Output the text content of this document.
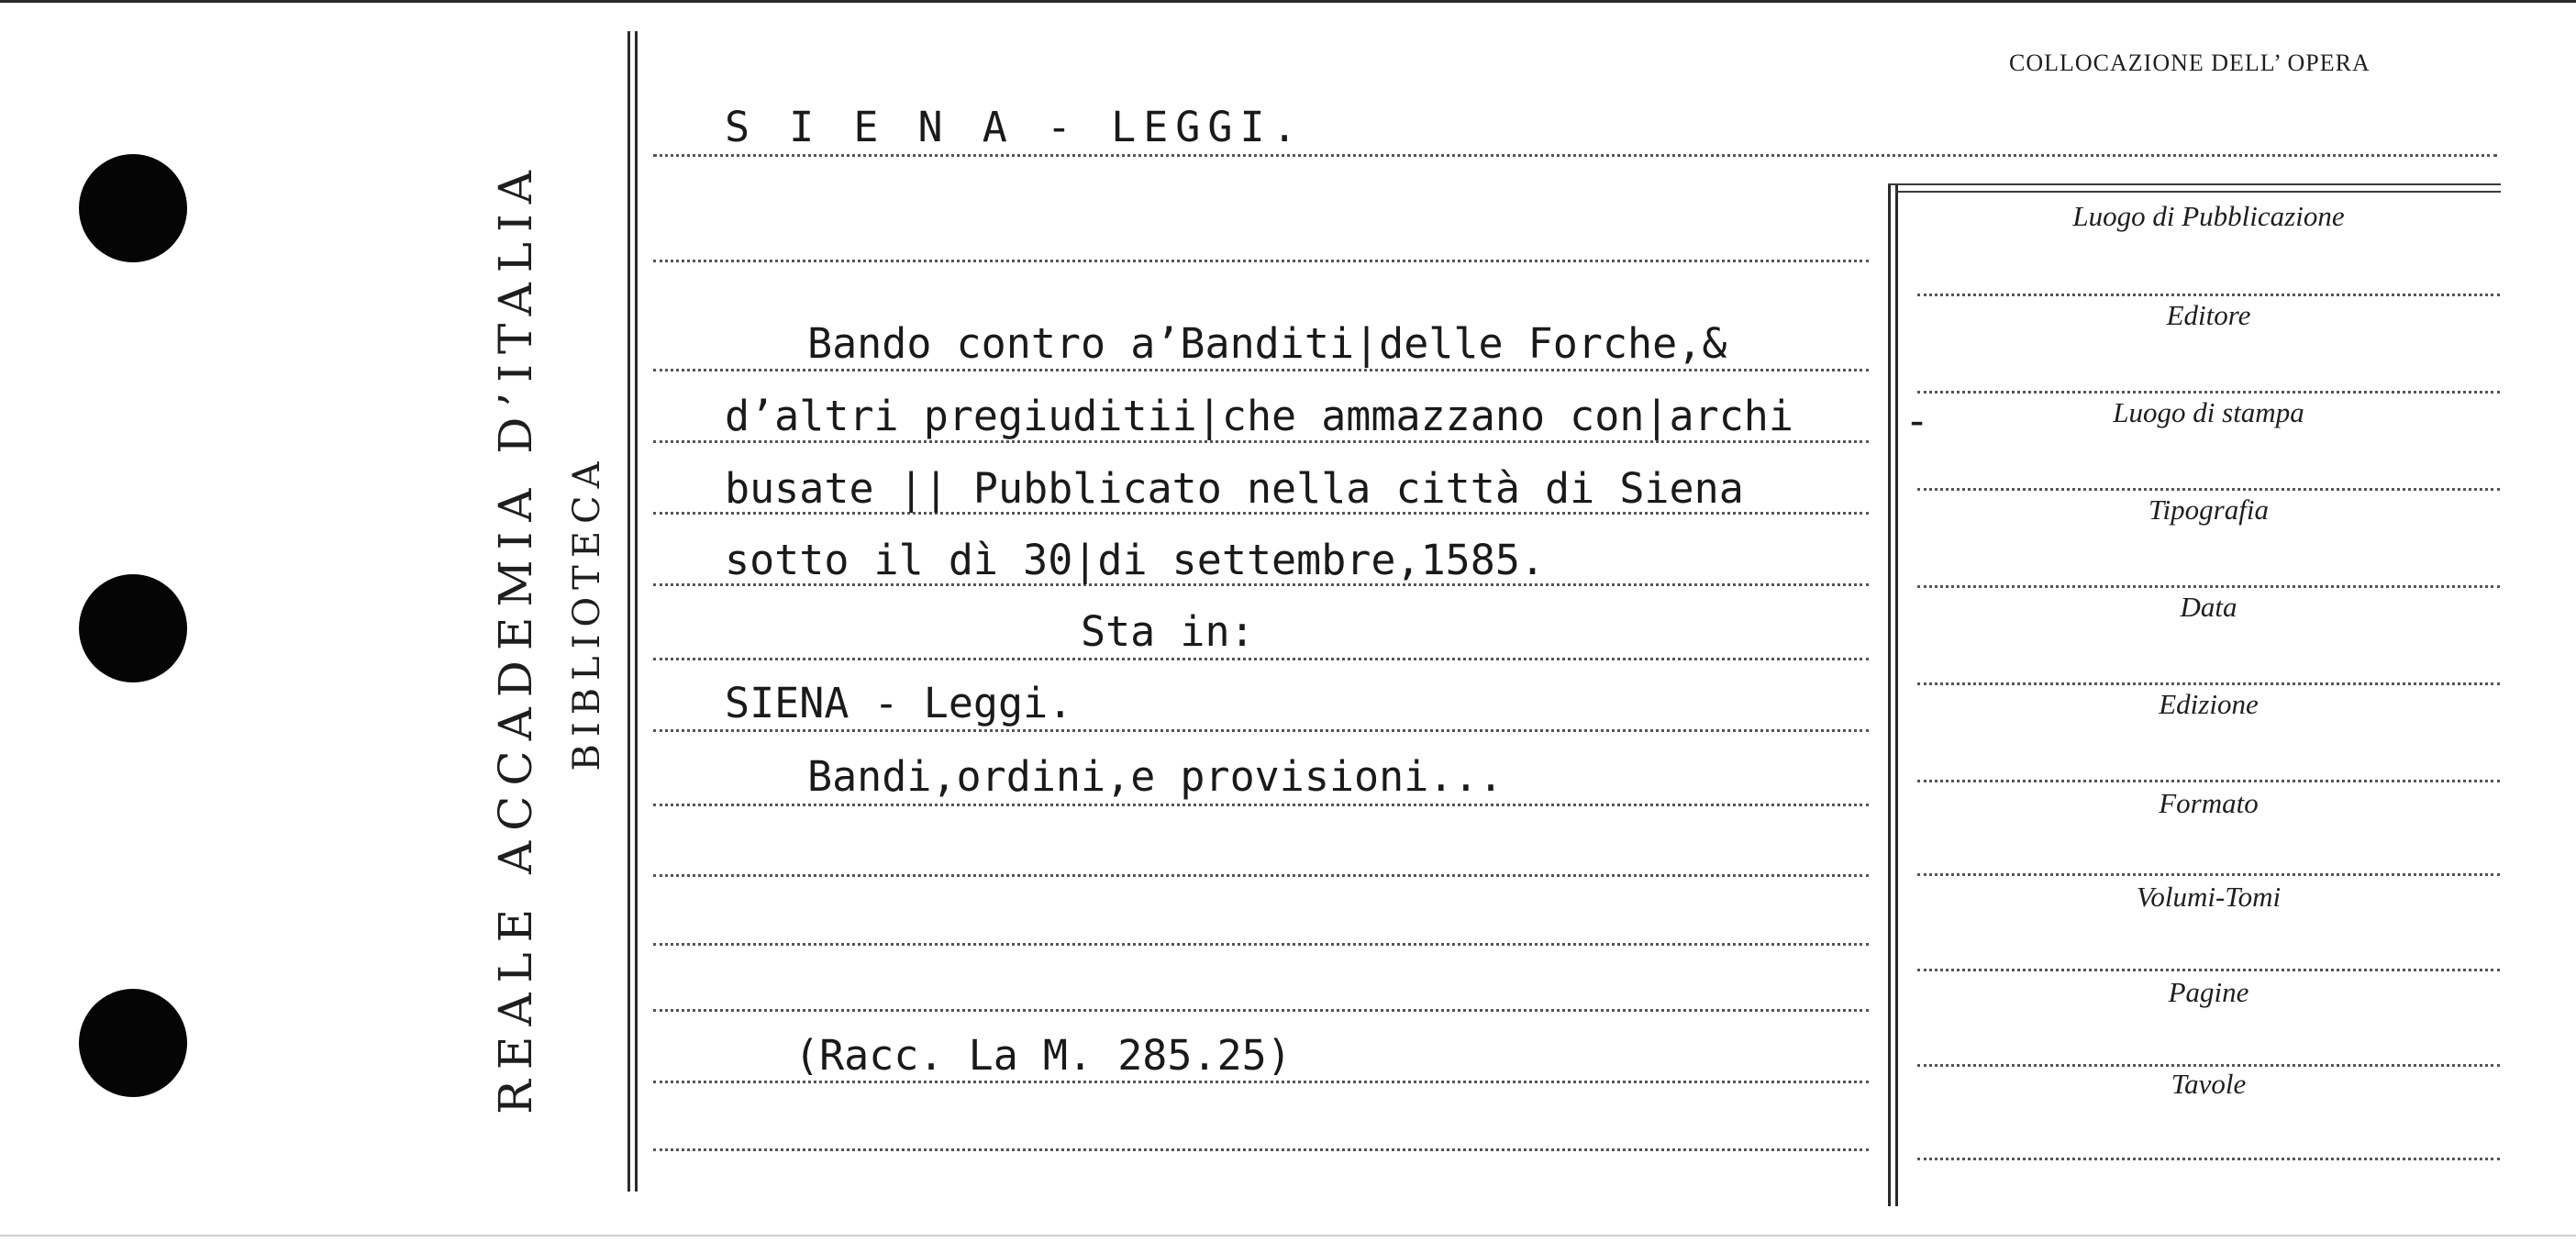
REALE ACCADEMIA D’ITALIA BIBLIOTECA
COLLOCAZIONE DELL’ OPERA
Luogo di Pubblicazione
Editore
Luogo di stampa
Tipografia
Data
Edizione
Formato
Volumi-Tomi
Pagine
Tavole
S I E N A - LEGGI.
Bando contro a’Banditi|delle Forche,&
d’altri pregiuditii|che ammazzano con|archi	-
busate || Pubblicato nella città di Siena
sotto il dì 30|di settembre,1585.
Sta in:
SIENA - Leggi.
Bandi,ordini,e provisioni...
(Racc. La M. 285.25)
